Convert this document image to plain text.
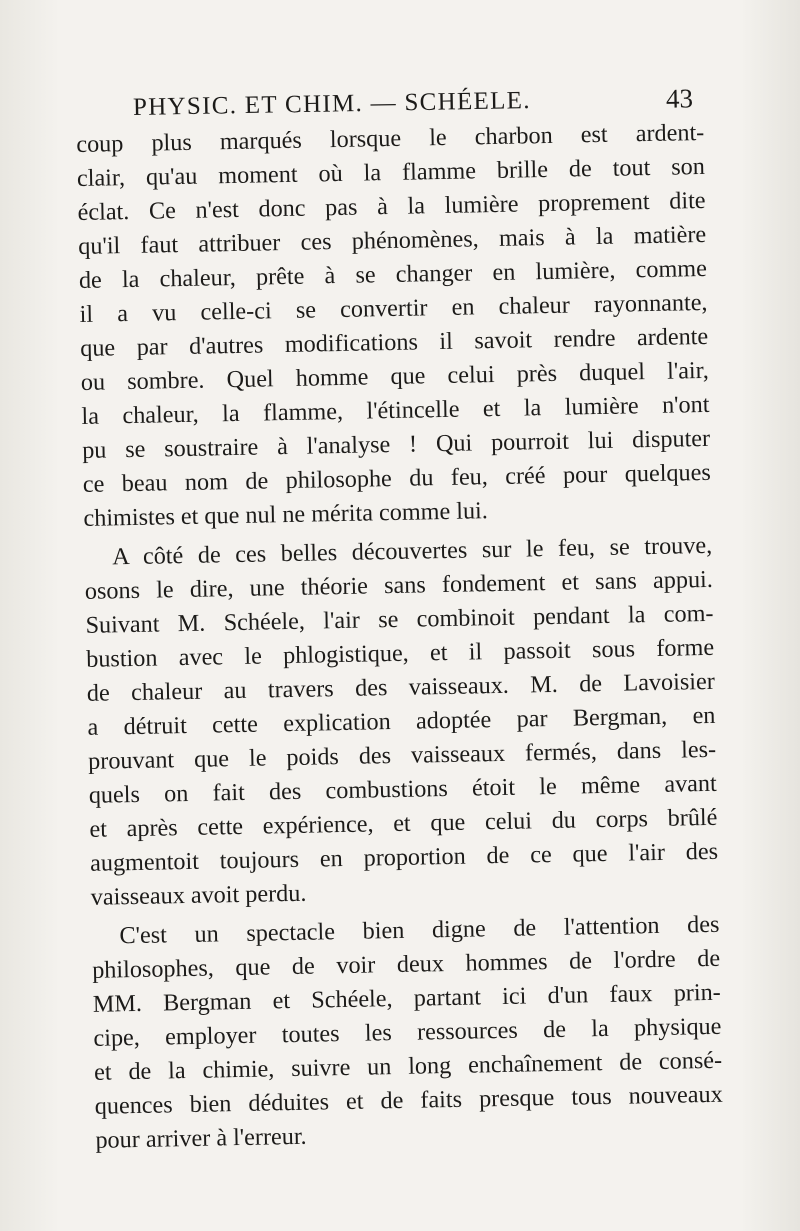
PHYSIC. ET CHIM. — SCHÉELE.	43

coup plus marqués lorsque le charbon est ardent-
clair, qu'au moment où la flamme brille de tout son
éclat. Ce n'est donc pas à la lumière proprement dite
qu'il faut attribuer ces phénomènes, mais à la matière
de la chaleur, prête à se changer en lumière, comme
il a vu celle-ci se convertir en chaleur rayonnante,
que par d'autres modifications il savoit rendre ardente
ou sombre. Quel homme que celui près duquel l'air,
la chaleur, la flamme, l'étincelle et la lumière n'ont
pu se soustraire à l'analyse ! Qui pourroit lui disputer
ce beau nom de philosophe du feu, créé pour quelques
chimistes et que nul ne mérita comme lui.

A côté de ces belles découvertes sur le feu, se trouve,
osons le dire, une théorie sans fondement et sans appui.
Suivant M. Schéele, l'air se combinoit pendant la com-
bustion avec le phlogistique, et il passoit sous forme
de chaleur au travers des vaisseaux. M. de Lavoisier
a détruit cette explication adoptée par Bergman, en
prouvant que le poids des vaisseaux fermés, dans les-
quels on fait des combustions étoit le même avant
et après cette expérience, et que celui du corps brûlé
augmentoit toujours en proportion de ce que l'air des
vaisseaux avoit perdu.

C'est un spectacle bien digne de l'attention des
philosophes, que de voir deux hommes de l'ordre de
MM. Bergman et Schéele, partant ici d'un faux prin-
cipe, employer toutes les ressources de la physique
et de la chimie, suivre un long enchaînement de consé-
quences bien déduites et de faits presque tous nouveaux
pour arriver à l'erreur.
